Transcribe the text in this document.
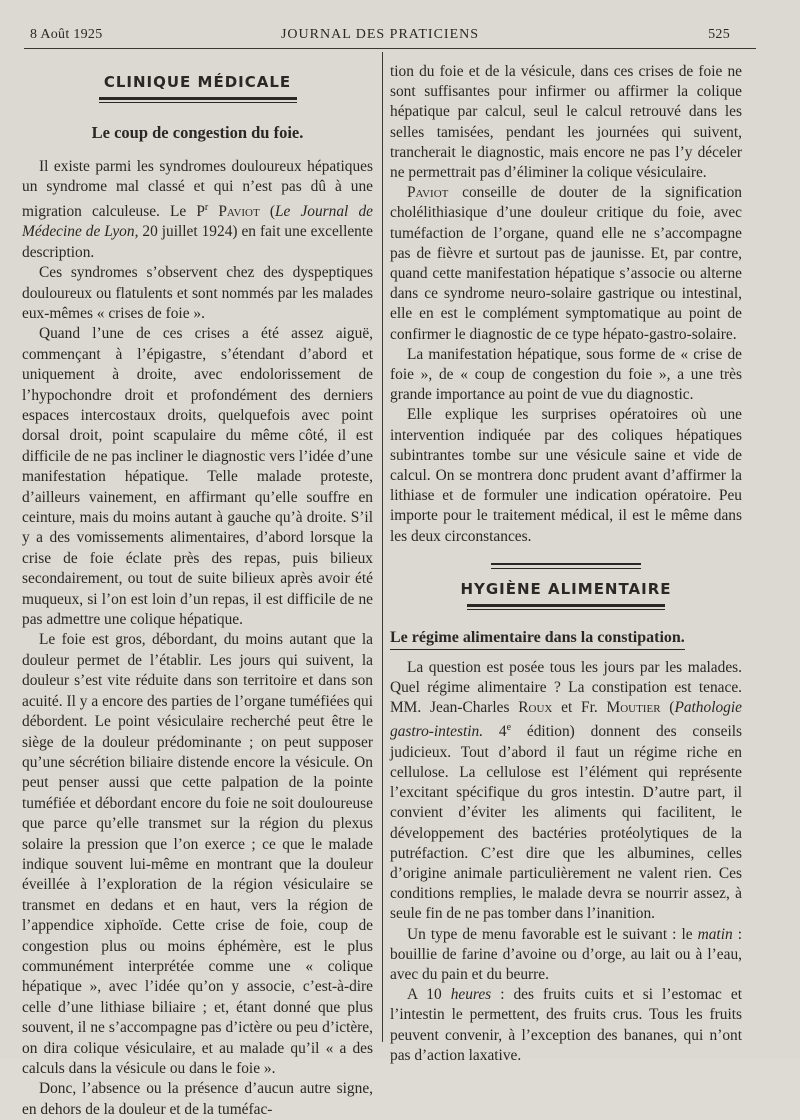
8 Août 1925	JOURNAL DES PRATICIENS	525
CLINIQUE MÉDICALE
Le coup de congestion du foie.

Il existe parmi les syndromes douloureux hépatiques un syndrome mal classé et qui n’est pas dû à une migration calculeuse. Le $P^r$ Paviot (Le Journal de Médecine de Lyon, 20 juillet 1924) en fait une excellente description.

Ces syndromes s’observent chez des dyspeptiques douloureux ou flatulents et sont nommés par les malades eux-mêmes « crises de foie ».

Quand l’une de ces crises a été assez aiguë, commençant à l’épigastre, s’étendant d’abord et uniquement à droite, avec endolorissement de l’hypochondre droit et profondément des derniers espaces intercostaux droits, quelquefois avec point dorsal droit, point scapulaire du même côté, il est difficile de ne pas incliner le diagnostic vers l’idée d’une manifestation hépatique. Telle malade proteste, d’ailleurs vainement, en affirmant qu’elle souffre en ceinture, mais du moins autant à gauche qu’à droite. S’il y a des vomissements alimentaires, d’abord lorsque la crise de foie éclate près des repas, puis bilieux secondairement, ou tout de suite bilieux après avoir été muqueux, si l’on est loin d’un repas, il est difficile de ne pas admettre une colique hépatique.

Le foie est gros, débordant, du moins autant que la douleur permet de l’établir. Les jours qui suivent, la douleur s’est vite réduite dans son territoire et dans son acuité. Il y a encore des parties de l’organe tuméfiées qui débordent. Le point vésiculaire recherché peut être le siège de la douleur prédominante ; on peut supposer qu’une sécrétion biliaire distende encore la vésicule. On peut penser aussi que cette palpation de la pointe tuméfiée et débordant encore du foie ne soit douloureuse que parce qu’elle transmet sur la région du plexus solaire la pression que l’on exerce ; ce que le malade indique souvent lui-même en montrant que la douleur éveillée à l’exploration de la région vésiculaire se transmet en dedans et en haut, vers la région de l’appendice xiphoïde. Cette crise de foie, coup de congestion plus ou moins éphémère, est le plus communément interprétée comme une « colique hépatique », avec l’idée qu’on y associe, c’est-à-dire celle d’une lithiase biliaire ; et, étant donné que plus souvent, il ne s’accompagne pas d’ictère ou peu d’ictère, on dira colique vésiculaire, et au malade qu’il « a des calculs dans la vésicule ou dans le foie ».

Donc, l’absence ou la présence d’aucun autre signe, en dehors de la douleur et de la tuméfac-

tion du foie et de la vésicule, dans ces crises de foie ne sont suffisantes pour infirmer ou affirmer la colique hépatique par calcul, seul le calcul retrouvé dans les selles tamisées, pendant les journées qui suivent, trancherait le diagnostic, mais encore ne pas l’y déceler ne permettrait pas d’éliminer la colique vésiculaire.

Paviot conseille de douter de la signification cholélithiasique d’une douleur critique du foie, avec tuméfaction de l’organe, quand elle ne s’accompagne pas de fièvre et surtout pas de jaunisse. Et, par contre, quand cette manifestation hépatique s’associe ou alterne dans ce syndrome neuro-solaire gastrique ou intestinal, elle en est le complément symptomatique au point de confirmer le diagnostic de ce type hépato-gastro-solaire.

La manifestation hépatique, sous forme de « crise de foie », de « coup de congestion du foie », a une très grande importance au point de vue du diagnostic.

Elle explique les surprises opératoires où une intervention indiquée par des coliques hépatiques subintrantes tombe sur une vésicule saine et vide de calcul. On se montrera donc prudent avant d’affirmer la lithiase et de formuler une indication opératoire. Peu importe pour le traitement médical, il est le même dans les deux circonstances.

HYGIÈNE ALIMENTAIRE
Le régime alimentaire dans la constipation.

La question est posée tous les jours par les malades. Quel régime alimentaire ? La constipation est tenace. MM. Jean-Charles Roux et Fr. Moutier (Pathologie gastro-intestin. 4e édition) donnent des conseils judicieux. Tout d’abord il faut un régime riche en cellulose. La cellulose est l’élément qui représente l’excitant spécifique du gros intestin. D’autre part, il convient d’éviter les aliments qui facilitent, le développement des bactéries protéolytiques de la putréfaction. C’est dire que les albumines, celles d’origine animale particulièrement ne valent rien. Ces conditions remplies, le malade devra se nourrir assez, à seule fin de ne pas tomber dans l’inanition.

Un type de menu favorable est le suivant : le matin : bouillie de farine d’avoine ou d’orge, au lait ou à l’eau, avec du pain et du beurre.

A 10 heures : des fruits cuits et si l’estomac et l’intestin le permettent, des fruits crus. Tous les fruits peuvent convenir, à l’exception des bananes, qui n’ont pas d’action laxative.
